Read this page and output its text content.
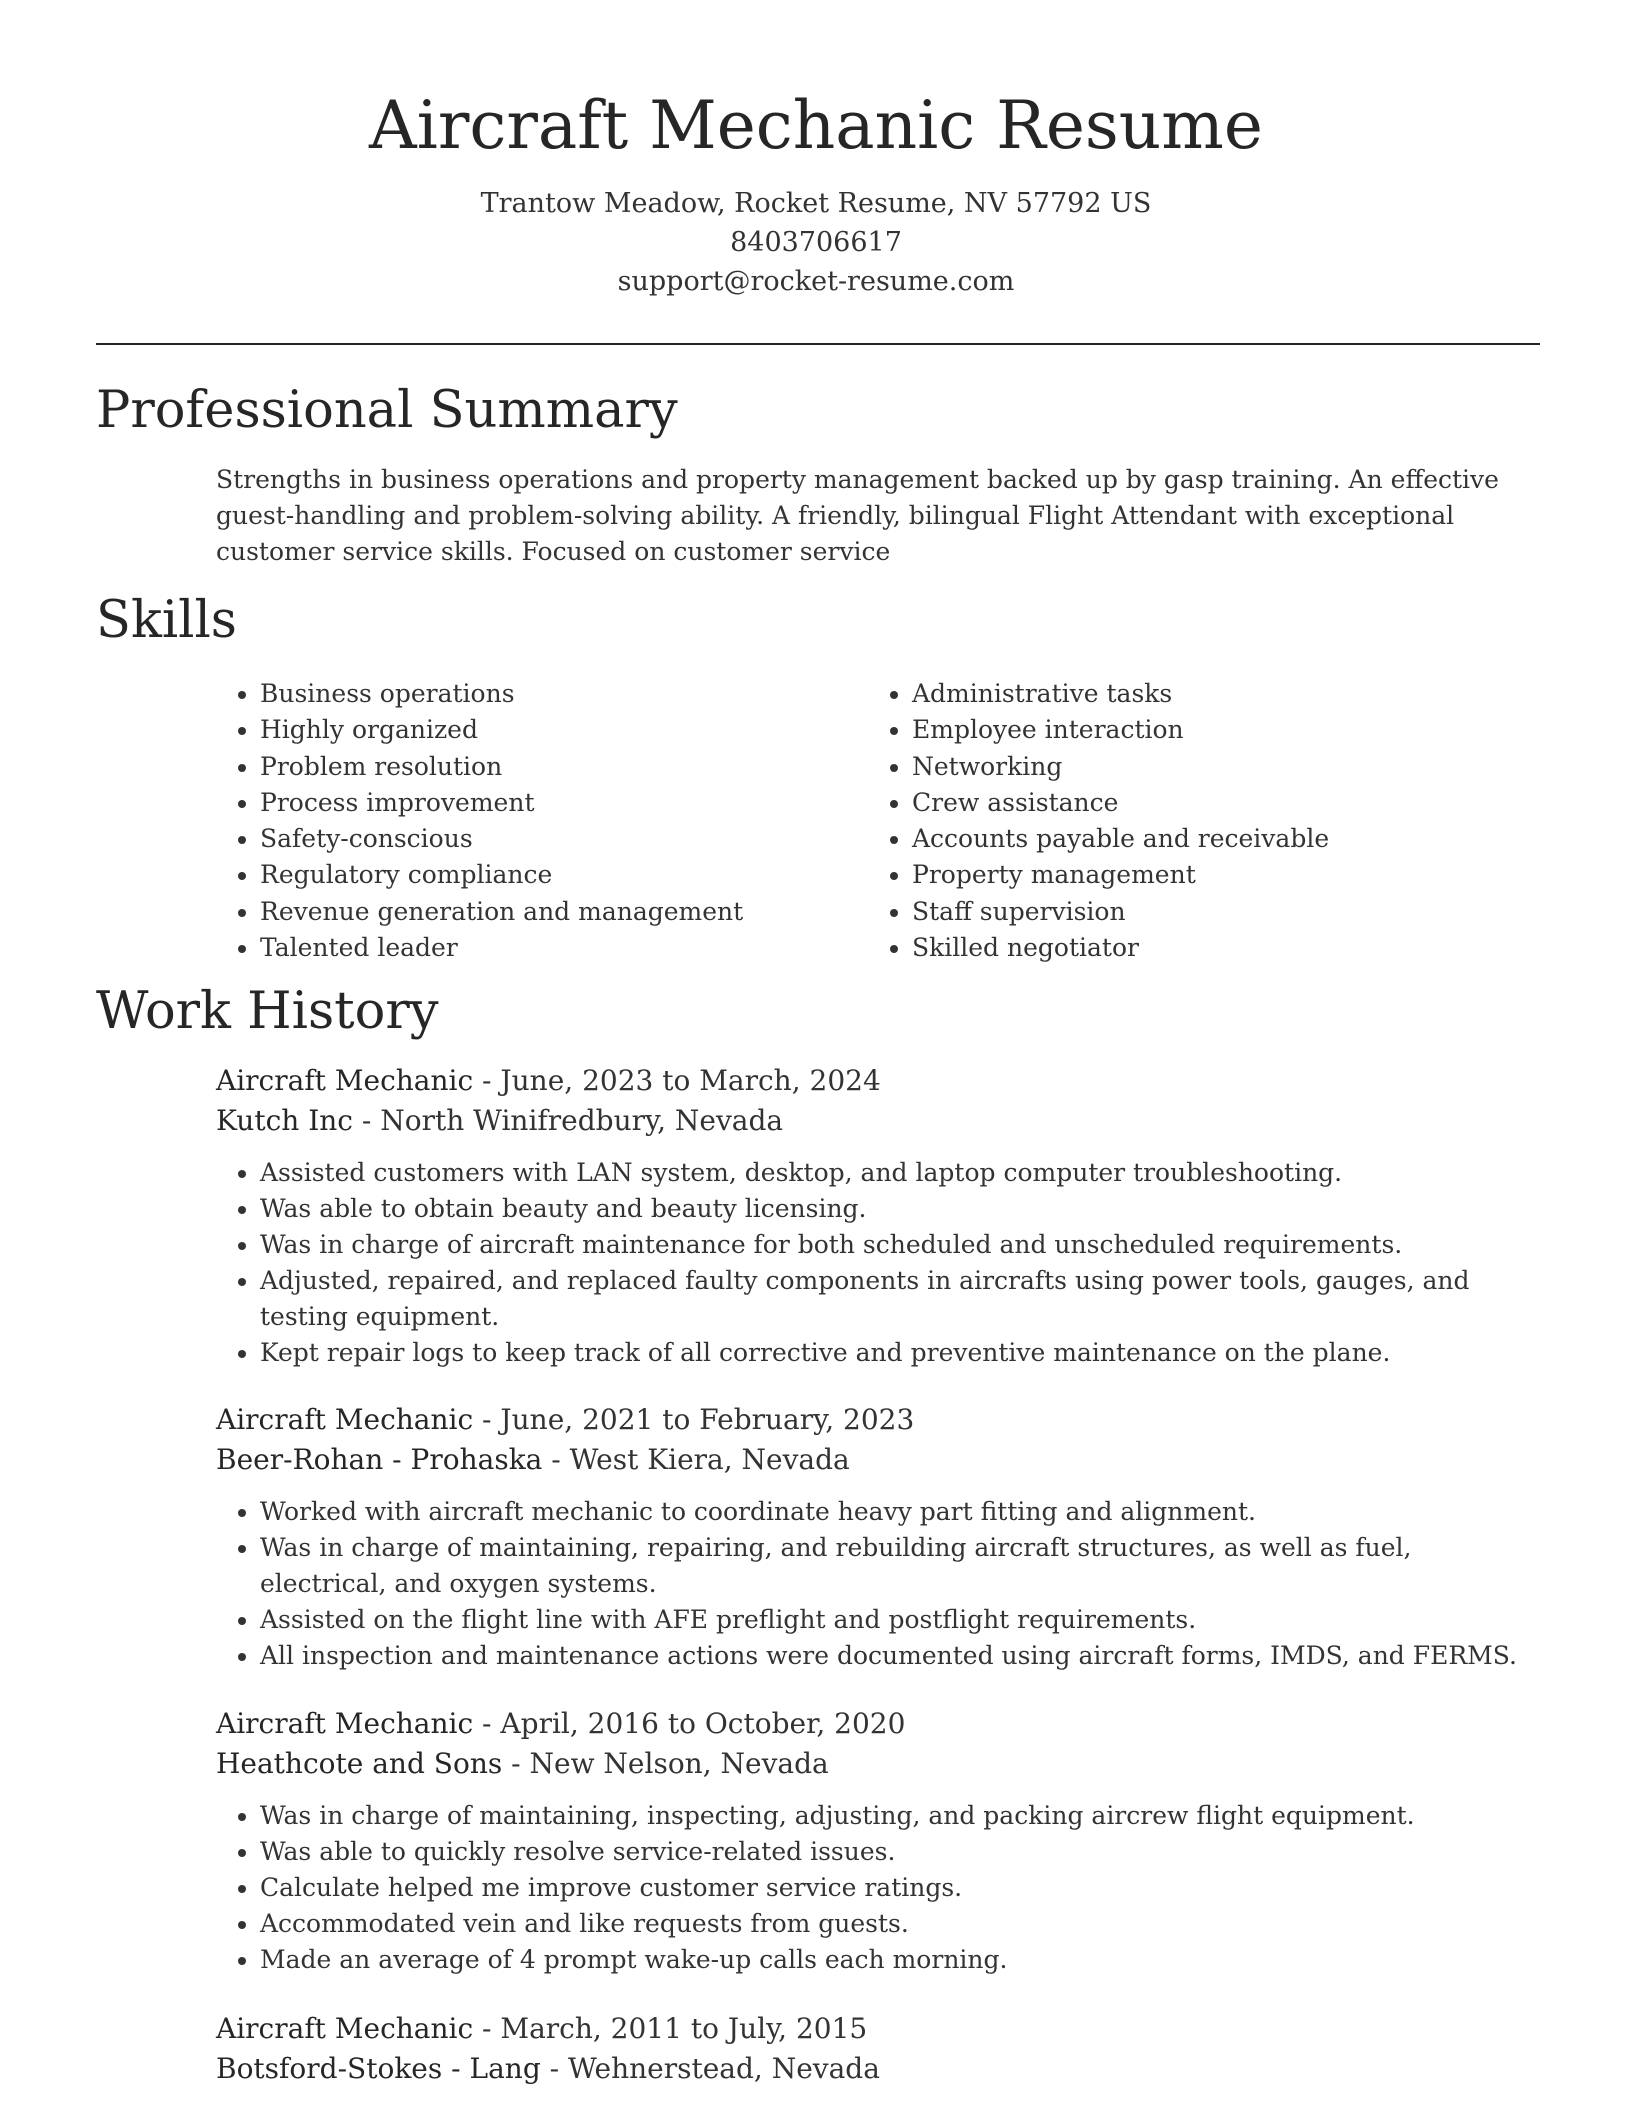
Aircraft Mechanic Resume
Trantow Meadow, Rocket Resume, NV 57792 US
8403706617
support@rocket-resume.com
Professional Summary

Strengths in business operations and property management backed up by gasp training. An effective guest-handling and problem-solving ability. A friendly, bilingual Flight Attendant with exceptional customer service skills. Focused on customer service

Skills
• Business operations
• Highly organized
• Problem resolution
• Process improvement
• Safety-conscious
• Regulatory compliance
• Revenue generation and management
• Talented leader
• Administrative tasks
• Employee interaction
• Networking
• Crew assistance
• Accounts payable and receivable
• Property management
• Staff supervision
• Skilled negotiator
Work History

Aircraft Mechanic - June, 2023 to March, 2024

Kutch Inc - North Winifredbury, Nevada

• Assisted customers with LAN system, desktop, and laptop computer troubleshooting.
• Was able to obtain beauty and beauty licensing.
• Was in charge of aircraft maintenance for both scheduled and unscheduled requirements.
• Adjusted, repaired, and replaced faulty components in aircrafts using power tools, gauges, and testing equipment.
• Kept repair logs to keep track of all corrective and preventive maintenance on the plane.

Aircraft Mechanic - June, 2021 to February, 2023

Beer-Rohan - Prohaska - West Kiera, Nevada

• Worked with aircraft mechanic to coordinate heavy part fitting and alignment.
• Was in charge of maintaining, repairing, and rebuilding aircraft structures, as well as fuel, electrical, and oxygen systems.
• Assisted on the flight line with AFE preflight and postflight requirements.
• All inspection and maintenance actions were documented using aircraft forms, IMDS, and FERMS.

Aircraft Mechanic - April, 2016 to October, 2020

Heathcote and Sons - New Nelson, Nevada

• Was in charge of maintaining, inspecting, adjusting, and packing aircrew flight equipment.
• Was able to quickly resolve service-related issues.
• Calculate helped me improve customer service ratings.
• Accommodated vein and like requests from guests.
• Made an average of 4 prompt wake-up calls each morning.

Aircraft Mechanic - March, 2011 to July, 2015

Botsford-Stokes - Lang - Wehnerstead, Nevada
